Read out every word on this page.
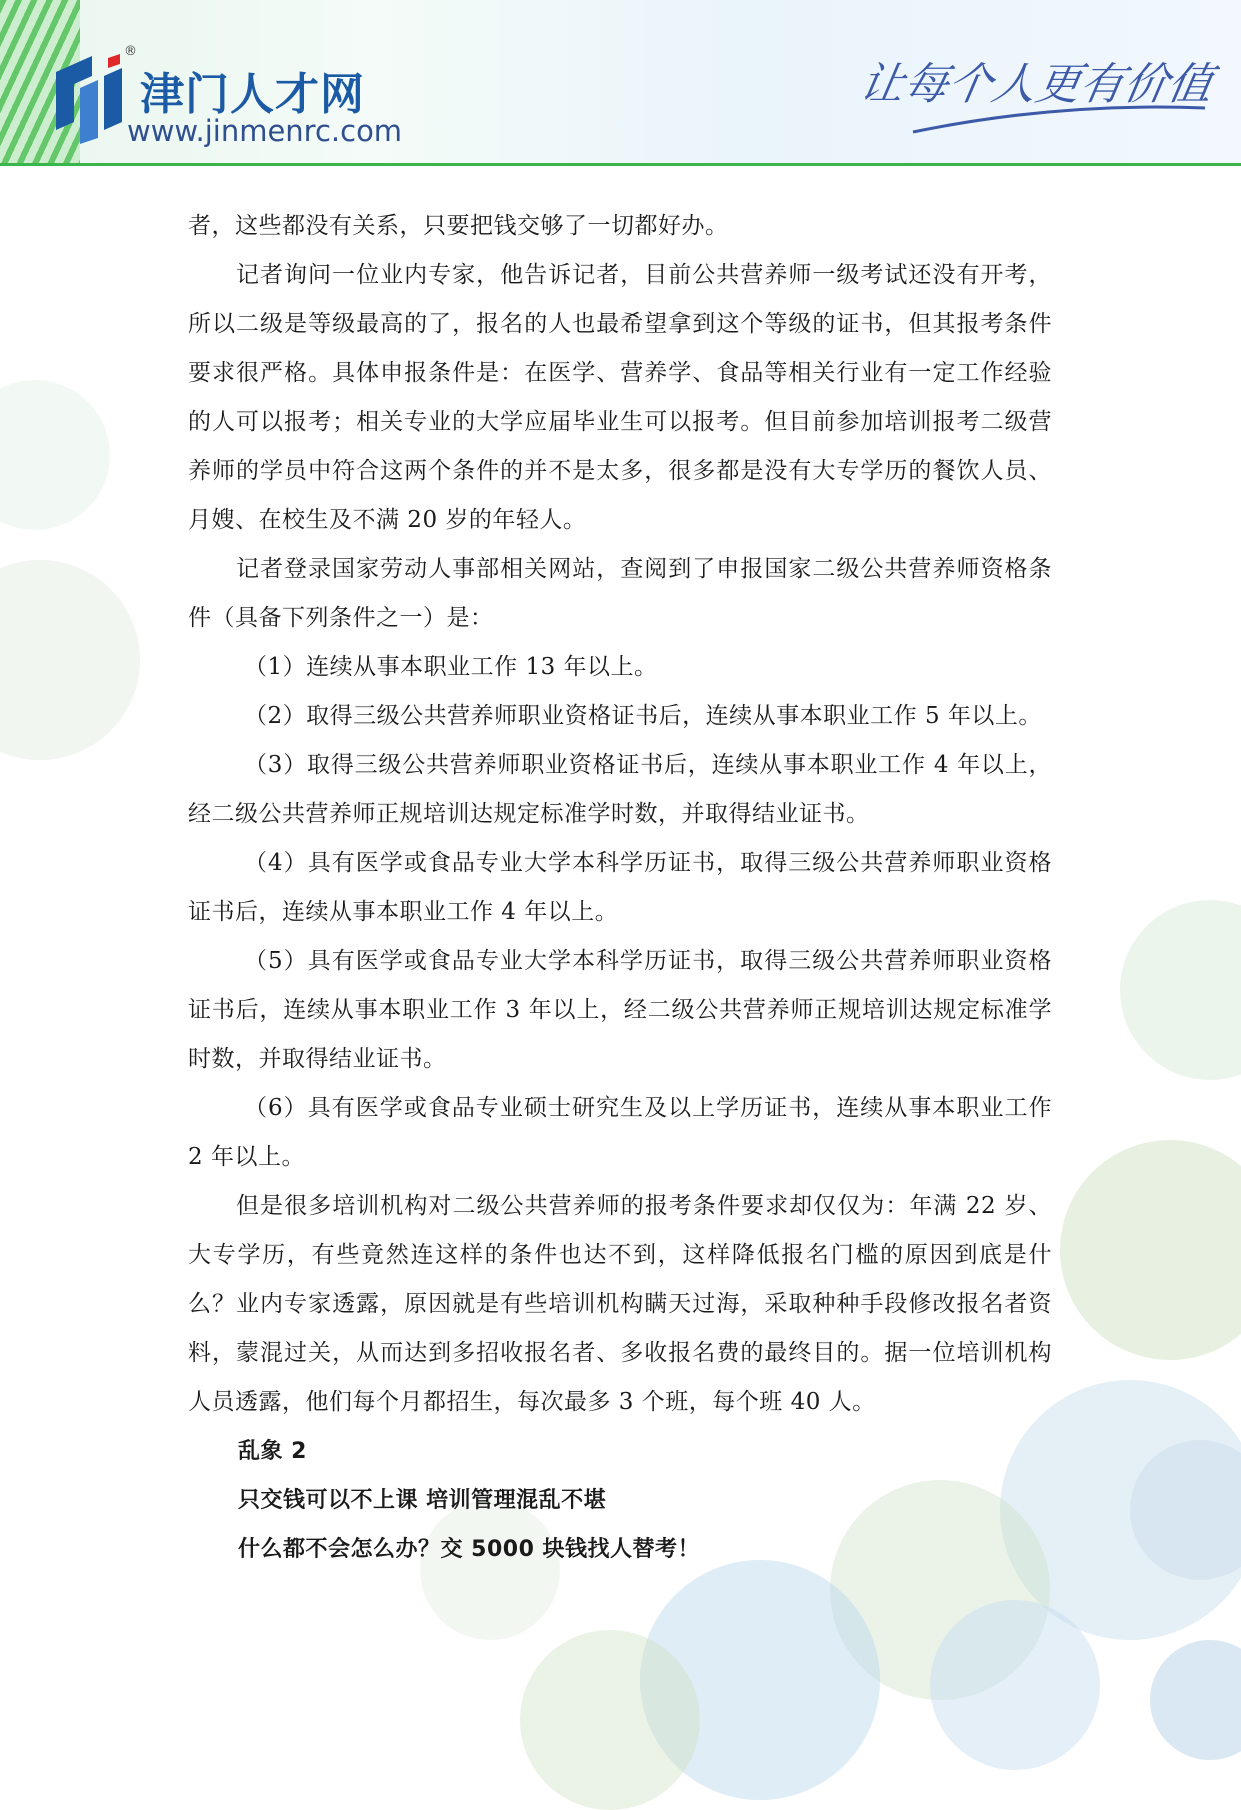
®
津门人才网
www.jinmenrc.com
让每个人更有价值

者，这些都没有关系，只要把钱交够了一切都好办。

记者询问一位业内专家，他告诉记者，目前公共营养师一级考试还没有开考，所以二级是等级最高的了，报名的人也最希望拿到这个等级的证书，但其报考条件要求很严格。具体申报条件是：在医学、营养学、食品等相关行业有一定工作经验的人可以报考；相关专业的大学应届毕业生可以报考。但目前参加培训报考二级营养师的学员中符合这两个条件的并不是太多，很多都是没有大专学历的餐饮人员、月嫂、在校生及不满 20 岁的年轻人。

记者登录国家劳动人事部相关网站，查阅到了申报国家二级公共营养师资格条件（具备下列条件之一）是：

（1）连续从事本职业工作 13 年以上。

（2）取得三级公共营养师职业资格证书后，连续从事本职业工作 5 年以上。

（3）取得三级公共营养师职业资格证书后，连续从事本职业工作 4 年以上，经二级公共营养师正规培训达规定标准学时数，并取得结业证书。

（4）具有医学或食品专业大学本科学历证书，取得三级公共营养师职业资格证书后，连续从事本职业工作 4 年以上。

（5）具有医学或食品专业大学本科学历证书，取得三级公共营养师职业资格证书后，连续从事本职业工作 3 年以上，经二级公共营养师正规培训达规定标准学时数，并取得结业证书。

（6）具有医学或食品专业硕士研究生及以上学历证书，连续从事本职业工作 2 年以上。

但是很多培训机构对二级公共营养师的报考条件要求却仅仅为：年满 22 岁、大专学历，有些竟然连这样的条件也达不到，这样降低报名门槛的原因到底是什么？业内专家透露，原因就是有些培训机构瞒天过海，采取种种手段修改报名者资料，蒙混过关，从而达到多招收报名者、多收报名费的最终目的。据一位培训机构人员透露，他们每个月都招生，每次最多 3 个班，每个班 40 人。

乱象 2

只交钱可以不上课 培训管理混乱不堪

什么都不会怎么办？交 5000 块钱找人替考！
